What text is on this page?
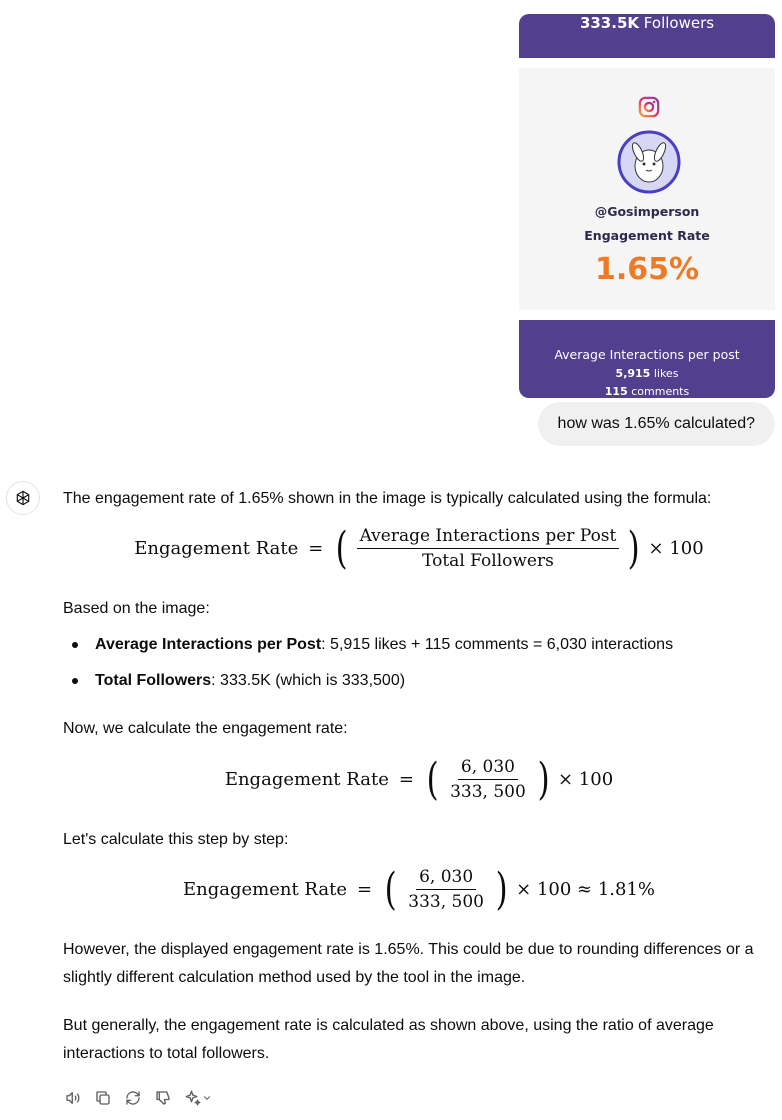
333.5K Followers
@Gosimperson
Engagement Rate
1.65%
Average Interactions per post
5,915 likes
115 comments
how was 1.65% calculated?
The engagement rate of 1.65% shown in the image is typically calculated using the formula:
Engagement Rate = ( $\frac{\text{Average Interactions per Post}}{\text{Total Followers}}$ ) × 100
Based on the image:
Average Interactions per Post: 5,915 likes + 115 comments = 6,030 interactions
Total Followers: 333.5K (which is 333,500)
Now, we calculate the engagement rate:
Engagement Rate = ( $\frac{6, 030}{333, 500}$ ) × 100
Let's calculate this step by step:
Engagement Rate = ( $\frac{6, 030}{333, 500}$ ) × 100 ≈ 1.81%
However, the displayed engagement rate is 1.65%. This could be due to rounding differences or a slightly different calculation method used by the tool in the image.
But generally, the engagement rate is calculated as shown above, using the ratio of average interactions to total followers.
